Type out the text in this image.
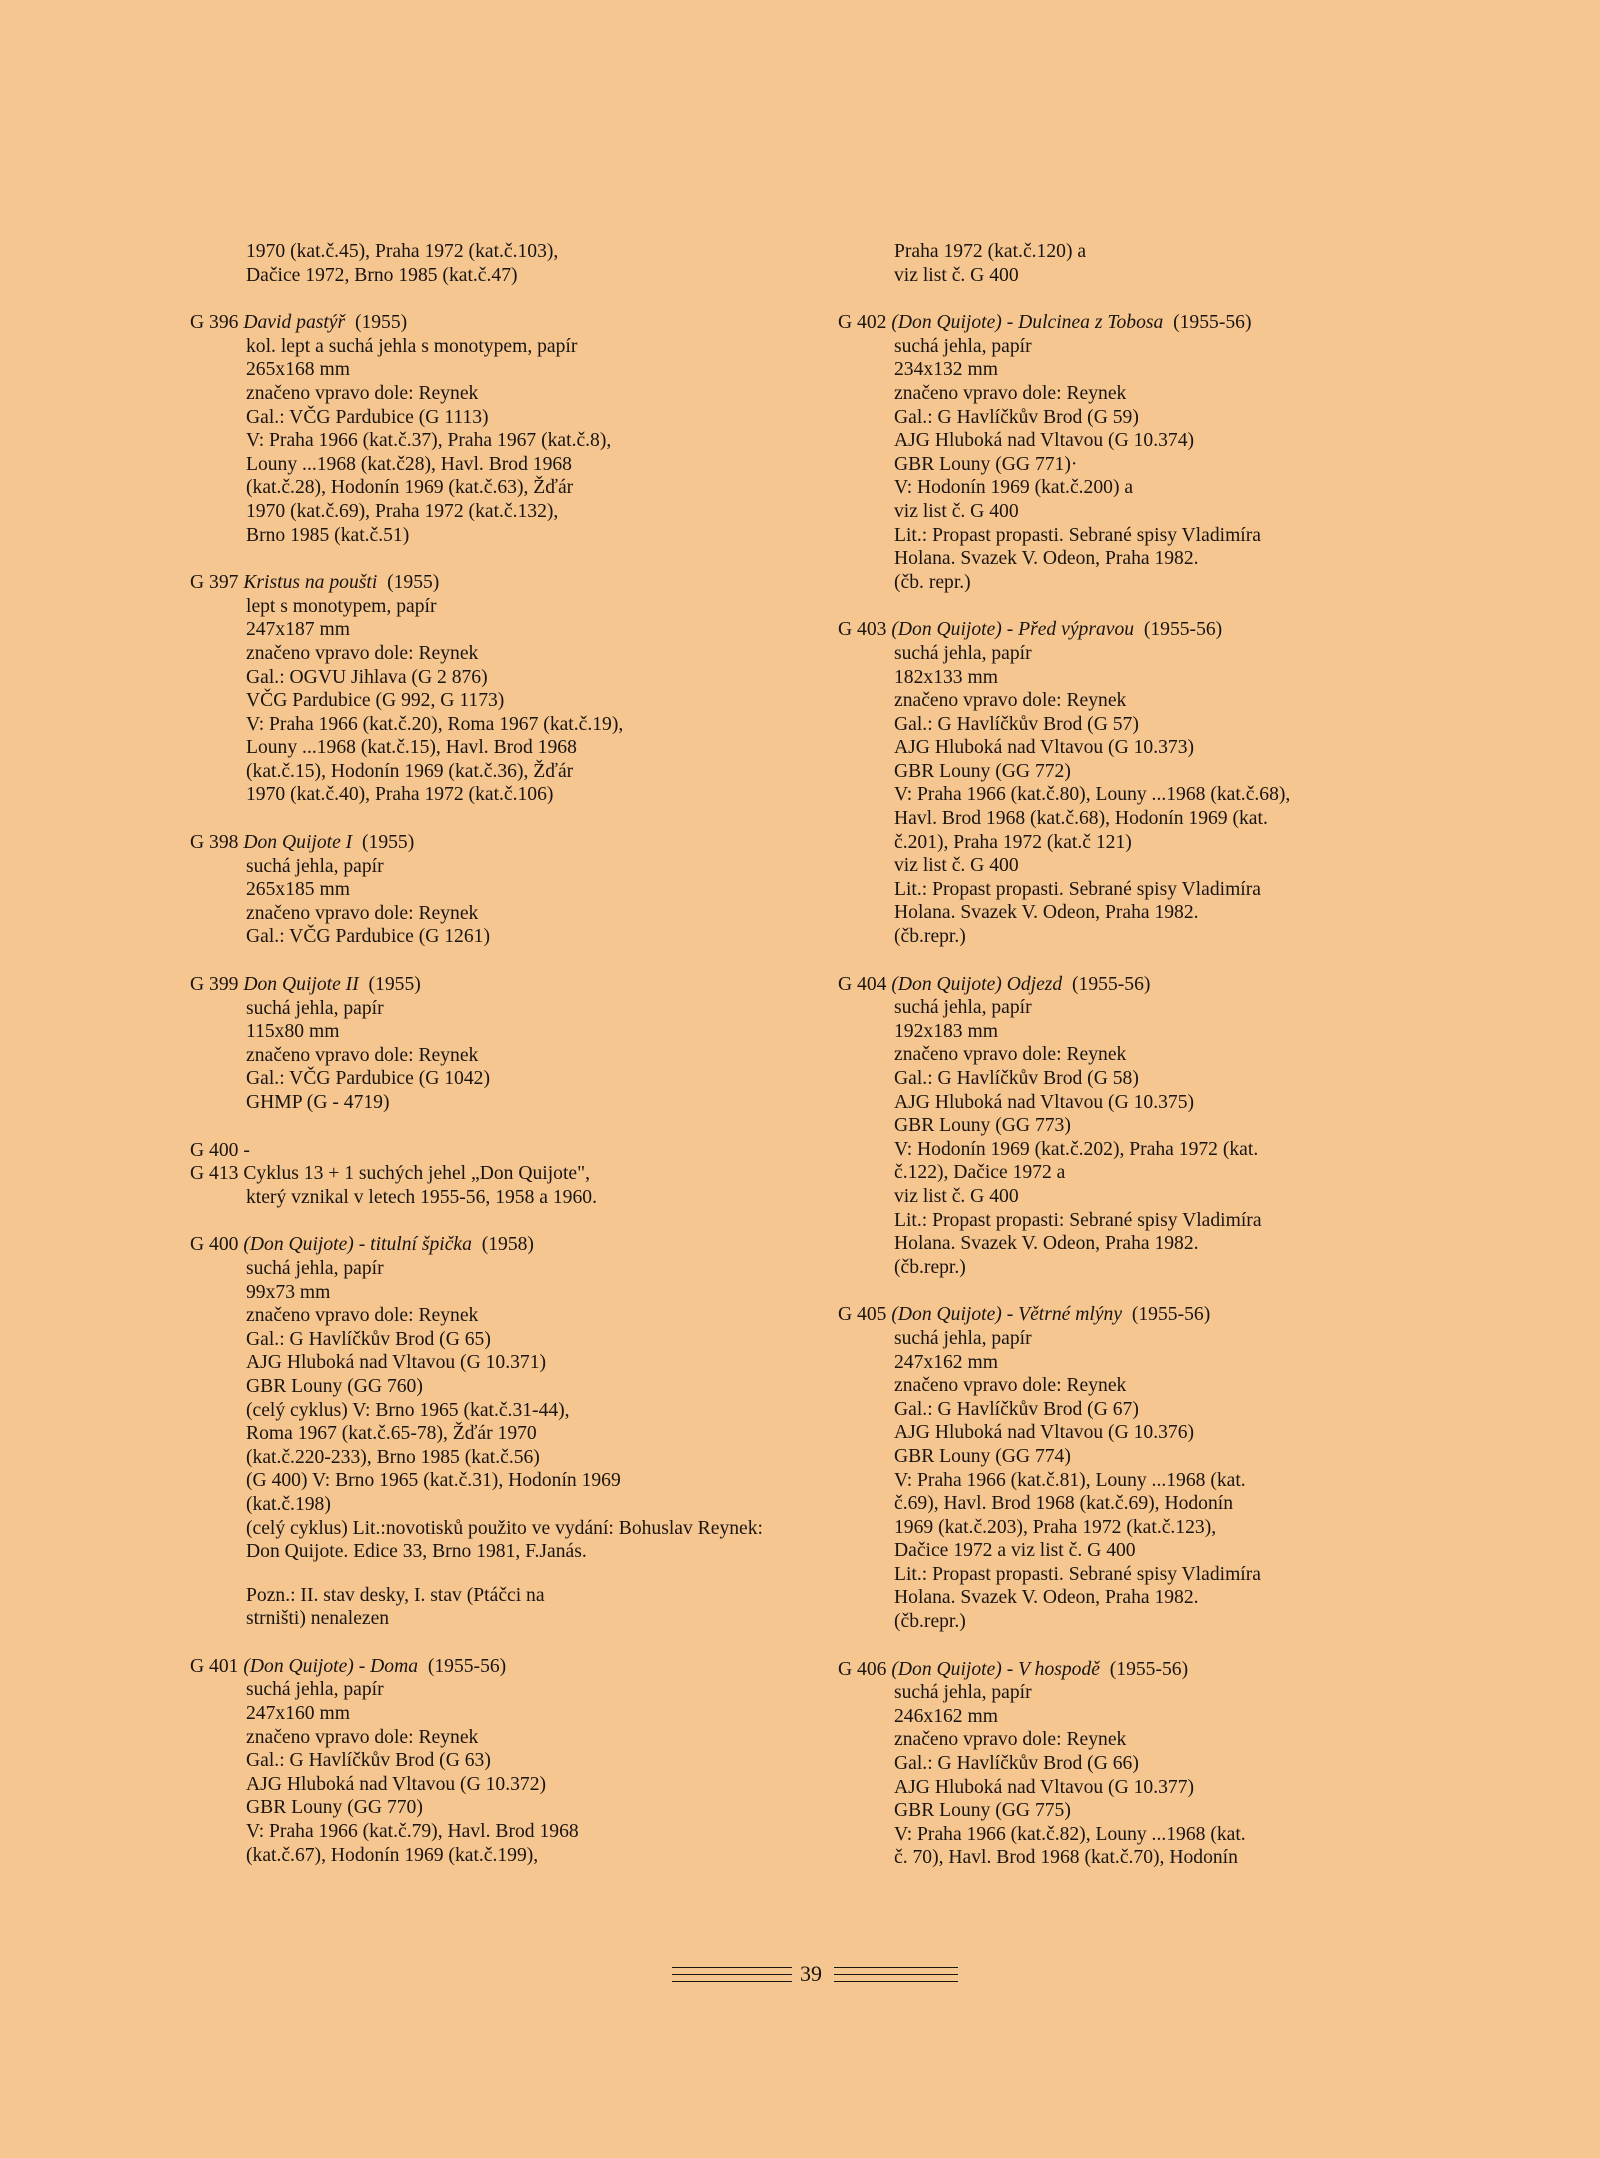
1970 (kat.č.45), Praha 1972 (kat.č.103),
Dačice 1972, Brno 1985 (kat.č.47)
G 396 David pastýř (1955)
kol. lept a suchá jehla s monotypem, papír
265x168 mm
značeno vpravo dole: Reynek
Gal.: VČG Pardubice (G 1113)
V: Praha 1966 (kat.č.37), Praha 1967 (kat.č.8),
Louny ...1968 (kat.č28), Havl. Brod 1968
(kat.č.28), Hodonín 1969 (kat.č.63), Žďár
1970 (kat.č.69), Praha 1972 (kat.č.132),
Brno 1985 (kat.č.51)
G 397 Kristus na poušti (1955)
lept s monotypem, papír
247x187 mm
značeno vpravo dole: Reynek
Gal.: OGVU Jihlava (G 2 876)
VČG Pardubice (G 992, G 1173)
V: Praha 1966 (kat.č.20), Roma 1967 (kat.č.19),
Louny ...1968 (kat.č.15), Havl. Brod 1968
(kat.č.15), Hodonín 1969 (kat.č.36), Žďár
1970 (kat.č.40), Praha 1972 (kat.č.106)
G 398 Don Quijote I (1955)
suchá jehla, papír
265x185 mm
značeno vpravo dole: Reynek
Gal.: VČG Pardubice (G 1261)
G 399 Don Quijote II (1955)
suchá jehla, papír
115x80 mm
značeno vpravo dole: Reynek
Gal.: VČG Pardubice (G 1042)
GHMP (G - 4719)
G 400 -
G 413 Cyklus 13 + 1 suchých jehel „Don Quijote",
který vznikal v letech 1955-56, 1958 a 1960.
G 400 (Don Quijote) - titulní špička (1958)
suchá jehla, papír
99x73 mm
značeno vpravo dole: Reynek
Gal.: G Havlíčkův Brod (G 65)
AJG Hluboká nad Vltavou (G 10.371)
GBR Louny (GG 760)
(celý cyklus) V: Brno 1965 (kat.č.31-44),
Roma 1967 (kat.č.65-78), Žďár 1970
(kat.č.220-233), Brno 1985 (kat.č.56)
(G 400) V: Brno 1965 (kat.č.31), Hodonín 1969
(kat.č.198)
(celý cyklus) Lit.:novotisků použito ve vydání: Bohuslav Reynek:
Don Quijote. Edice 33, Brno 1981, F.Janás.
Pozn.: II. stav desky, I. stav (Ptáčci na
strništi) nenalezen
G 401 (Don Quijote) - Doma (1955-56)
suchá jehla, papír
247x160 mm
značeno vpravo dole: Reynek
Gal.: G Havlíčkův Brod (G 63)
AJG Hluboká nad Vltavou (G 10.372)
GBR Louny (GG 770)
V: Praha 1966 (kat.č.79), Havl. Brod 1968
(kat.č.67), Hodonín 1969 (kat.č.199),
Praha 1972 (kat.č.120) a
viz list č. G 400
G 402 (Don Quijote) - Dulcinea z Tobosa (1955-56)
suchá jehla, papír
234x132 mm
značeno vpravo dole: Reynek
Gal.: G Havlíčkův Brod (G 59)
AJG Hluboká nad Vltavou (G 10.374)
GBR Louny (GG 771)·
V: Hodonín 1969 (kat.č.200) a
viz list č. G 400
Lit.: Propast propasti. Sebrané spisy Vladimíra
Holana. Svazek V. Odeon, Praha 1982.
(čb. repr.)
G 403 (Don Quijote) - Před výpravou (1955-56)
suchá jehla, papír
182x133 mm
značeno vpravo dole: Reynek
Gal.: G Havlíčkův Brod (G 57)
AJG Hluboká nad Vltavou (G 10.373)
GBR Louny (GG 772)
V: Praha 1966 (kat.č.80), Louny ...1968 (kat.č.68),
Havl. Brod 1968 (kat.č.68), Hodonín 1969 (kat.
č.201), Praha 1972 (kat.č 121)
viz list č. G 400
Lit.: Propast propasti. Sebrané spisy Vladimíra
Holana. Svazek V. Odeon, Praha 1982.
(čb.repr.)
G 404 (Don Quijote) Odjezd (1955-56)
suchá jehla, papír
192x183 mm
značeno vpravo dole: Reynek
Gal.: G Havlíčkův Brod (G 58)
AJG Hluboká nad Vltavou (G 10.375)
GBR Louny (GG 773)
V: Hodonín 1969 (kat.č.202), Praha 1972 (kat.
č.122), Dačice 1972 a
viz list č. G 400
Lit.: Propast propasti: Sebrané spisy Vladimíra
Holana. Svazek V. Odeon, Praha 1982.
(čb.repr.)
G 405 (Don Quijote) - Větrné mlýny (1955-56)
suchá jehla, papír
247x162 mm
značeno vpravo dole: Reynek
Gal.: G Havlíčkův Brod (G 67)
AJG Hluboká nad Vltavou (G 10.376)
GBR Louny (GG 774)
V: Praha 1966 (kat.č.81), Louny ...1968 (kat.
č.69), Havl. Brod 1968 (kat.č.69), Hodonín
1969 (kat.č.203), Praha 1972 (kat.č.123),
Dačice 1972 a viz list č. G 400
Lit.: Propast propasti. Sebrané spisy Vladimíra
Holana. Svazek V. Odeon, Praha 1982.
(čb.repr.)
G 406 (Don Quijote) - V hospodě (1955-56)
suchá jehla, papír
246x162 mm
značeno vpravo dole: Reynek
Gal.: G Havlíčkův Brod (G 66)
AJG Hluboká nad Vltavou (G 10.377)
GBR Louny (GG 775)
V: Praha 1966 (kat.č.82), Louny ...1968 (kat.
č. 70), Havl. Brod 1968 (kat.č.70), Hodonín
39
